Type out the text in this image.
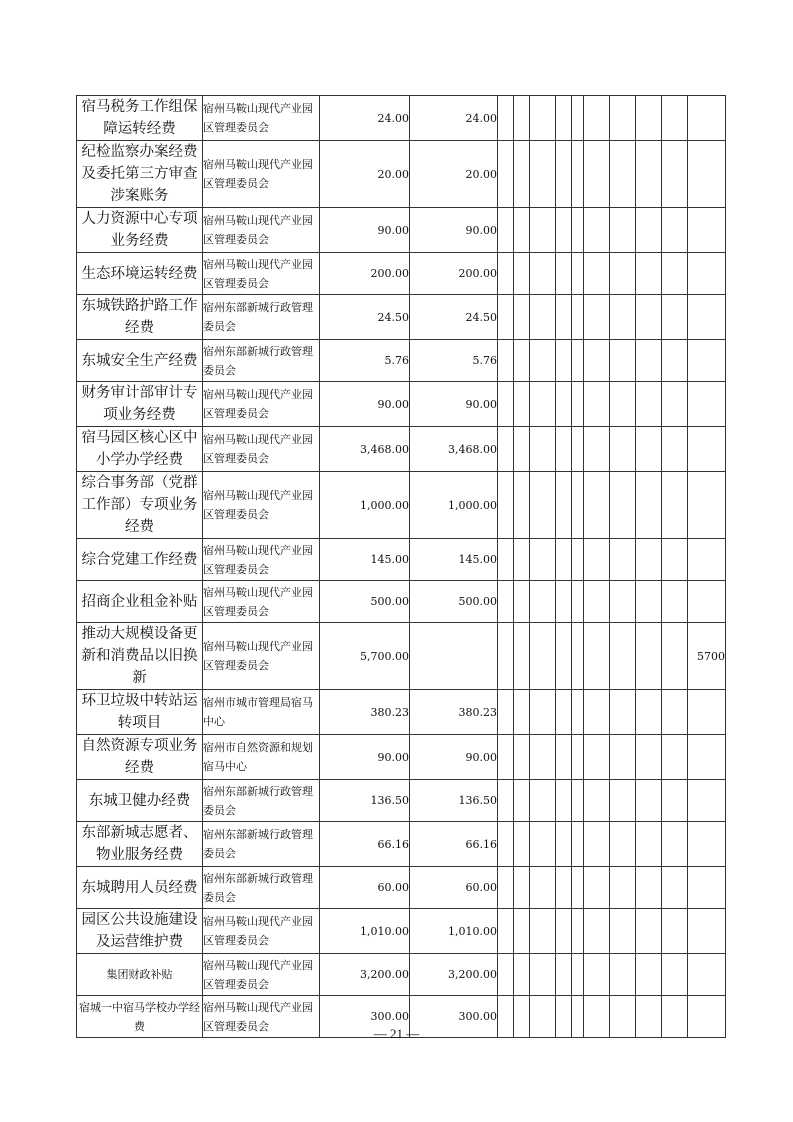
宿马税务工作组保障运转经费	宿州马鞍山现代产业园区管理委员会	24.00	24.00										
纪检监察办案经费及委托第三方审查涉案账务	宿州马鞍山现代产业园区管理委员会	20.00	20.00										
人力资源中心专项业务经费	宿州马鞍山现代产业园区管理委员会	90.00	90.00										
生态环境运转经费	宿州马鞍山现代产业园区管理委员会	200.00	200.00										
东城铁路护路工作经费	宿州东部新城行政管理委员会	24.50	24.50										
东城安全生产经费	宿州东部新城行政管理委员会	5.76	5.76										
财务审计部审计专项业务经费	宿州马鞍山现代产业园区管理委员会	90.00	90.00										
宿马园区核心区中小学办学经费	宿州马鞍山现代产业园区管理委员会	3,468.00	3,468.00										
综合事务部（党群工作部）专项业务经费	宿州马鞍山现代产业园区管理委员会	1,000.00	1,000.00										
综合党建工作经费	宿州马鞍山现代产业园区管理委员会	145.00	145.00										
招商企业租金补贴	宿州马鞍山现代产业园区管理委员会	500.00	500.00										
推动大规模设备更新和消费品以旧换新	宿州马鞍山现代产业园区管理委员会	5,700.00											5700
环卫垃圾中转站运转项目	宿州市城市管理局宿马中心	380.23	380.23										
自然资源专项业务经费	宿州市自然资源和规划宿马中心	90.00	90.00										
东城卫健办经费	宿州东部新城行政管理委员会	136.50	136.50										
东部新城志愿者、物业服务经费	宿州东部新城行政管理委员会	66.16	66.16										
东城聘用人员经费	宿州东部新城行政管理委员会	60.00	60.00										
园区公共设施建设及运营维护费	宿州马鞍山现代产业园区管理委员会	1,010.00	1,010.00										
集团财政补贴	宿州马鞍山现代产业园区管理委员会	3,200.00	3,200.00										
宿城一中宿马学校办学经费	宿州马鞍山现代产业园区管理委员会	300.00	300.00										
— 21 —
